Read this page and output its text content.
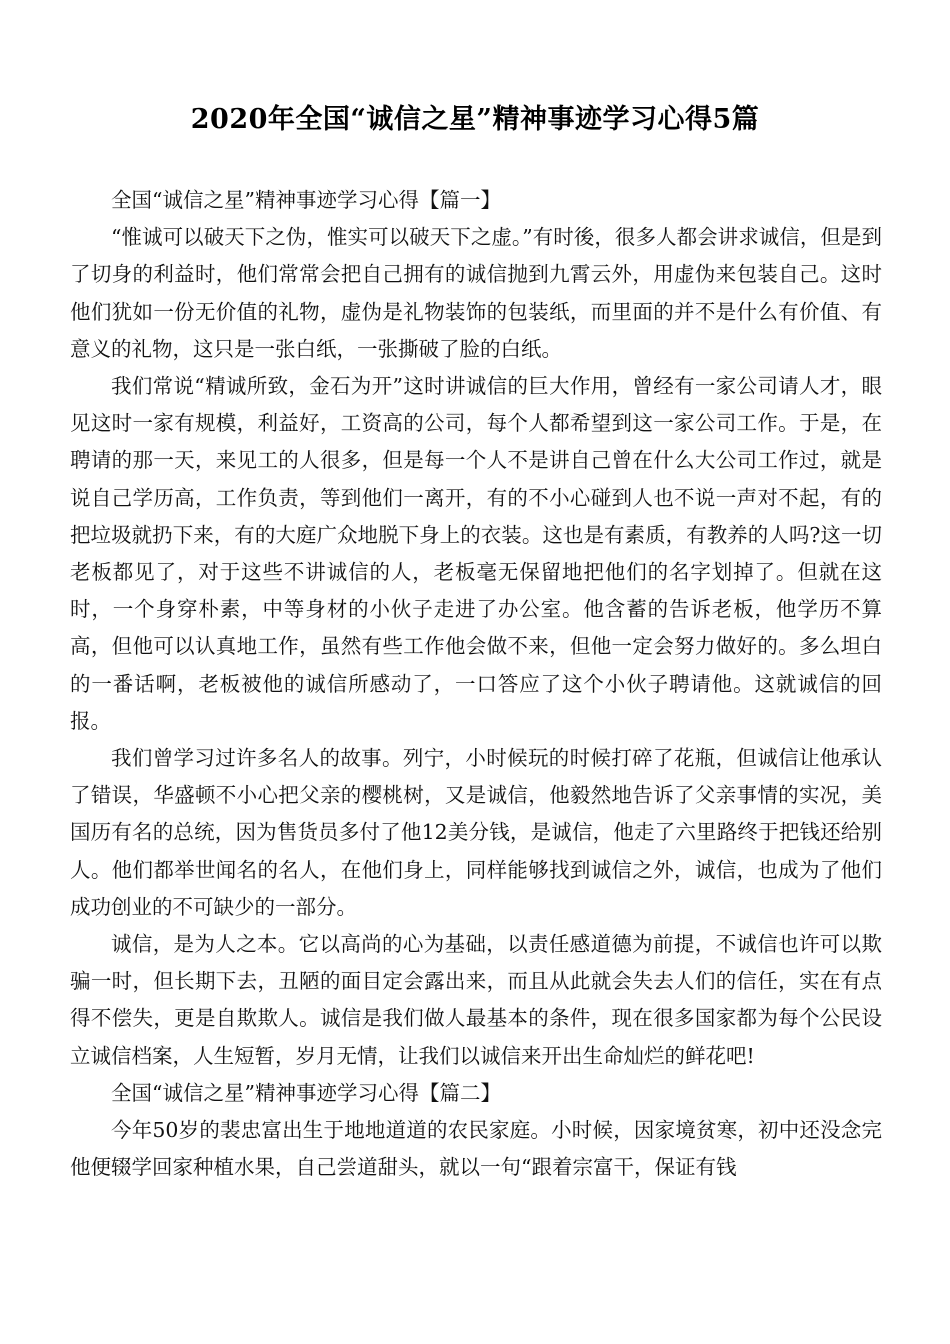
2020年全国“诚信之星”精神事迹学习心得5篇

全国“诚信之星”精神事迹学习心得【篇一】

“惟诚可以破天下之伪，惟实可以破天下之虚。”有时後，很多人都会讲求诚信，但是到了切身的利益时，他们常常会把自己拥有的诚信抛到九霄云外，用虚伪来包装自己。这时他们犹如一份无价值的礼物，虚伪是礼物装饰的包装纸，而里面的并不是什么有价值、有意义的礼物，这只是一张白纸，一张撕破了脸的白纸。

我们常说“精诚所致，金石为开”这时讲诚信的巨大作用，曾经有一家公司请人才，眼见这时一家有规模，利益好，工资高的公司，每个人都希望到这一家公司工作。于是，在聘请的那一天，来见工的人很多，但是每一个人不是讲自己曾在什么大公司工作过，就是说自己学历高，工作负责，等到他们一离开，有的不小心碰到人也不说一声对不起，有的把垃圾就扔下来，有的大庭广众地脱下身上的衣装。这也是有素质，有教养的人吗?这一切老板都见了，对于这些不讲诚信的人，老板毫无保留地把他们的名字划掉了。但就在这时，一个身穿朴素，中等身材的小伙子走进了办公室。他含蓄的告诉老板，他学历不算高，但他可以认真地工作，虽然有些工作他会做不来，但他一定会努力做好的。多么坦白的一番话啊，老板被他的诚信所感动了，一口答应了这个小伙子聘请他。这就诚信的回报。

我们曾学习过许多名人的故事。列宁，小时候玩的时候打碎了花瓶，但诚信让他承认了错误，华盛顿不小心把父亲的樱桃树，又是诚信，他毅然地告诉了父亲事情的实况，美国历有名的总统，因为售货员多付了他12美分钱，是诚信，他走了六里路终于把钱还给别人。他们都举世闻名的名人，在他们身上，同样能够找到诚信之外，诚信，也成为了他们成功创业的不可缺少的一部分。

诚信，是为人之本。它以高尚的心为基础，以责任感道德为前提，不诚信也许可以欺骗一时，但长期下去，丑陋的面目定会露出来，而且从此就会失去人们的信任，实在有点得不偿失，更是自欺欺人。诚信是我们做人最基本的条件，现在很多国家都为每个公民设立诚信档案，人生短暂，岁月无情，让我们以诚信来开出生命灿烂的鲜花吧!

全国“诚信之星”精神事迹学习心得【篇二】

今年50岁的裴忠富出生于地地道道的农民家庭。小时候，因家境贫寒，初中还没念完他便辍学回家种植水果，自己尝道甜头，就以一句“跟着宗富干，保证有钱
